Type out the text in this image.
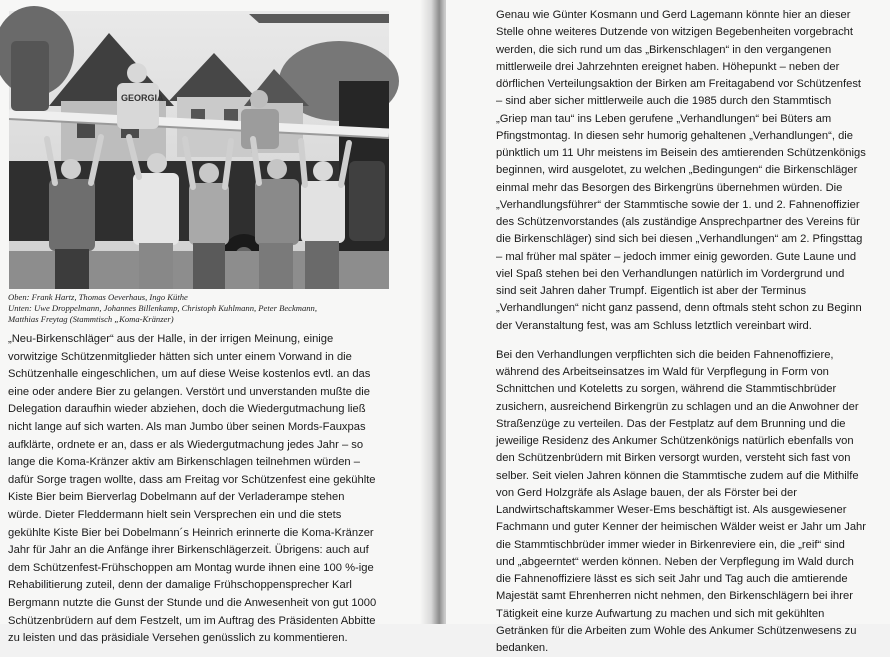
GEORGIA
Oben: Frank Hartz, Thomas Oeverhaus, Ingo Küthe
Unten: Uwe Droppelmann, Johannes Billenkamp, Christoph Kuhlmann, Peter Beckmann,
Matthias Freytag (Stammtisch „Koma-Kränzer)
„Neu-Birkenschläger“ aus der Halle, in der irrigen Meinung, einige
vorwitzige Schützenmitglieder hätten sich unter einem Vorwand in die
Schützenhalle eingeschlichen, um auf diese Weise kostenlos evtl. an das
eine oder andere Bier zu gelangen. Verstört und unverstanden mußte die
Delegation daraufhin wieder abziehen, doch die Wiedergutmachung ließ
nicht lange auf sich warten. Als man Jumbo über seinen Mords-Fauxpas
aufklärte, ordnete er an, dass er als Wiedergutmachung jedes Jahr – so
lange die Koma-Kränzer aktiv am Birkenschlagen teilnehmen würden –
dafür Sorge tragen wollte, dass am Freitag vor Schützenfest eine gekühlte
Kiste Bier beim Bierverlag Dobelmann auf der Verladerampe stehen
würde. Dieter Fleddermann hielt sein Versprechen ein und die stets
gekühlte Kiste Bier bei Dobelmann´s Heinrich erinnerte die Koma-Kränzer
Jahr für Jahr an die Anfänge ihrer Birkenschlägerzeit. Übrigens: auch auf
dem Schützenfest-Frühschoppen am Montag wurde ihnen eine 100 %-ige
Rehabilitierung zuteil, denn der damalige Frühschoppensprecher Karl
Bergmann nutzte die Gunst der Stunde und die Anwesenheit von gut 1000
Schützenbrüdern auf dem Festzelt, um im Auftrag des Präsidenten Abbitte
zu leisten und das präsidiale Versehen genüsslich zu kommentieren.
Genau wie Günter Kosmann und Gerd Lagemann könnte hier an dieser
Stelle ohne weiteres Dutzende von witzigen Begebenheiten vorgebracht
werden, die sich rund um das „Birkenschlagen“ in den vergangenen
mittlerweile drei Jahrzehnten ereignet haben. Höhepunkt – neben der
dörflichen Verteilungsaktion der Birken am Freitagabend vor Schützenfest
– sind aber sicher mittlerweile auch die 1985 durch den Stammtisch
„Griep man tau“ ins Leben gerufene „Verhandlungen“ bei Büters am
Pfingstmontag. In diesen sehr humorig gehaltenen „Verhandlungen“, die
pünktlich um 11 Uhr meistens im Beisein des amtierenden Schützenkönigs
beginnen, wird ausgelotet, zu welchen „Bedingungen“ die Birkenschläger
einmal mehr das Besorgen des Birkengrüns übernehmen würden. Die
„Verhandlungsführer“ der Stammtische sowie der 1. und 2. Fahnenoffizier
des Schützenvorstandes (als zuständige Ansprechpartner des Vereins für
die Birkenschläger) sind sich bei diesen „Verhandlungen“ am 2. Pfingsttag
– mal früher mal später – jedoch immer einig geworden. Gute Laune und
viel Spaß stehen bei den Verhandlungen natürlich im Vordergrund und
sind seit Jahren daher Trumpf. Eigentlich ist aber der Terminus
„Verhandlungen“ nicht ganz passend, denn oftmals steht schon zu Beginn
der Veranstaltung fest, was am Schluss letztlich vereinbart wird.
Bei den Verhandlungen verpflichten sich die beiden Fahnenoffiziere,
während des Arbeitseinsatzes im Wald für Verpflegung in Form von
Schnittchen und Koteletts zu sorgen, während die Stammtischbrüder
zusichern, ausreichend Birkengrün zu schlagen und an die Anwohner der
Straßenzüge zu verteilen. Das der Festplatz auf dem Brunning und die
jeweilige Residenz des Ankumer Schützenkönigs natürlich ebenfalls von
den Schützenbrüdern mit Birken versorgt wurden, versteht sich fast von
selber. Seit vielen Jahren können die Stammtische zudem auf die Mithilfe
von Gerd Holzgräfe als Aslage bauen, der als Förster bei der
Landwirtschaftskammer Weser-Ems beschäftigt ist. Als ausgewiesener
Fachmann und guter Kenner der heimischen Wälder weist er Jahr um Jahr
die Stammtischbrüder immer wieder in Birkenreviere ein, die „reif“ sind
und „abgeerntet“ werden können. Neben der Verpflegung im Wald durch
die Fahnenoffiziere lässt es sich seit Jahr und Tag auch die amtierende
Majestät samt Ehrenherren nicht nehmen, den Birkenschlägern bei ihrer
Tätigkeit eine kurze Aufwartung zu machen und sich mit gekühlten
Getränken für die Arbeiten zum Wohle des Ankumer Schützenwesens zu
bedanken.
